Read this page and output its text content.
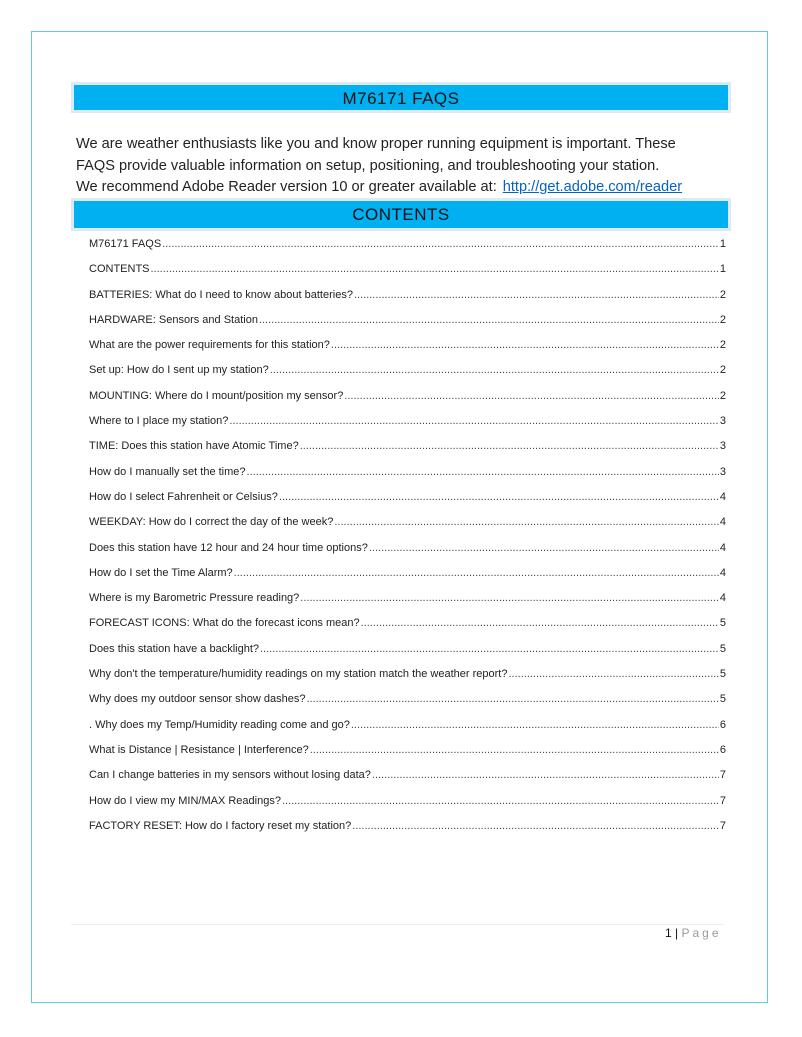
M76171 FAQS
We are weather enthusiasts like you and know proper running equipment is important. These
FAQS provide valuable information on setup, positioning, and troubleshooting your station.
We recommend Adobe Reader version 10 or greater available at: http://get.adobe.com/reader
CONTENTS
M76171 FAQS .....	1
CONTENTS .....	1
BATTERIES: What do I need to know about batteries? .....	2
HARDWARE: Sensors and Station .....	2
What are the power requirements for this station? .....	2
Set up: How do I sent up my station? .....	2
MOUNTING: Where do I mount/position my sensor? .....	2
Where to I place my station? .....	3
TIME: Does this station have Atomic Time? .....	3
How do I manually set the time? .....	3
How do I select Fahrenheit or Celsius? .....	4
WEEKDAY: How do I correct the day of the week? .....	4
Does this station have 12 hour and 24 hour time options? .....	4
How do I set the Time Alarm? .....	4
Where is my Barometric Pressure reading? .....	4
FORECAST ICONS: What do the forecast icons mean? .....	5
Does this station have a backlight? .....	5
Why don't the temperature/humidity readings on my station match the weather report? .....	5
Why does my outdoor sensor show dashes? .....	5
. Why does my Temp/Humidity reading come and go? .....	6
What is Distance | Resistance | Interference? .....	6
Can I change batteries in my sensors without losing data? .....	7
How do I view my MIN/MAX Readings? .....	7
FACTORY RESET: How do I factory reset my station? .....	7
1 | Page
